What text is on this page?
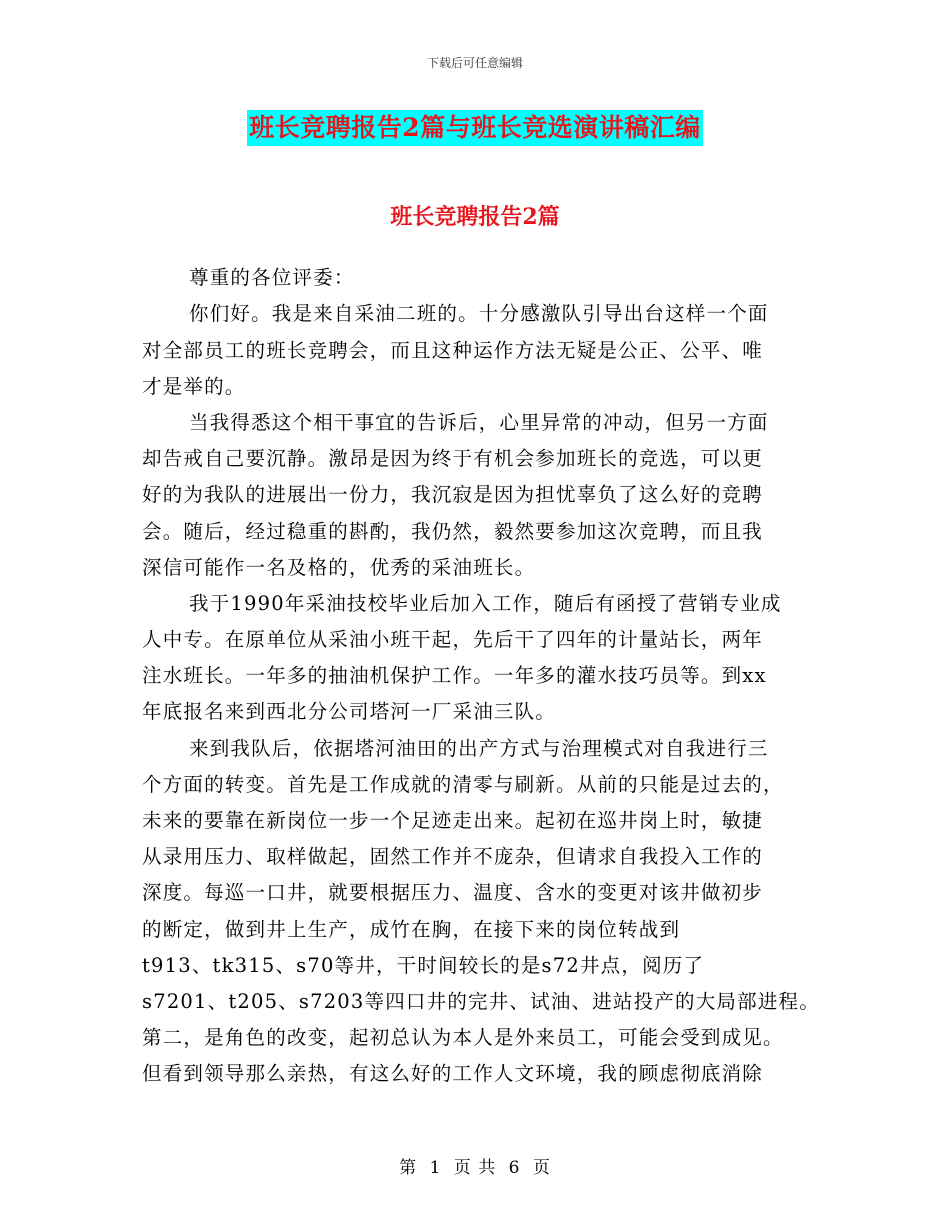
下载后可任意编辑
班长竞聘报告2篇与班长竞选演讲稿汇编
班长竞聘报告2篇
尊重的各位评委：
你们好。我是来自采油二班的。十分感激队引导出台这样一个面
对全部员工的班长竞聘会，而且这种运作方法无疑是公正、公平、唯
才是举的。
当我得悉这个相干事宜的告诉后，心里异常的冲动，但另一方面
却告戒自己要沉静。激昂是因为终于有机会参加班长的竞选，可以更
好的为我队的进展出一份力，我沉寂是因为担忧辜负了这么好的竞聘
会。随后，经过稳重的斟酌，我仍然，毅然要参加这次竞聘，而且我
深信可能作一名及格的，优秀的采油班长。
我于1990年采油技校毕业后加入工作，随后有函授了营销专业成
人中专。在原单位从采油小班干起，先后干了四年的计量站长，两年
注水班长。一年多的抽油机保护工作。一年多的灌水技巧员等。到xx
年底报名来到西北分公司塔河一厂采油三队。
来到我队后，依据塔河油田的出产方式与治理模式对自我进行三
个方面的转变。首先是工作成就的清零与刷新。从前的只能是过去的，
未来的要靠在新岗位一步一个足迹走出来。起初在巡井岗上时，敏捷
从录用压力、取样做起，固然工作并不庞杂，但请求自我投入工作的
深度。每巡一口井，就要根据压力、温度、含水的变更对该井做初步
的断定，做到井上生产，成竹在胸，在接下来的岗位转战到
t913、tk315、s70等井，干时间较长的是s72井点，阅历了
s7201、t205、s7203等四口井的完井、试油、进站投产的大局部进程。
第二，是角色的改变，起初总认为本人是外来员工，可能会受到成见。
但看到领导那么亲热，有这么好的工作人文环境，我的顾虑彻底消除
第 1 页 共 6 页
